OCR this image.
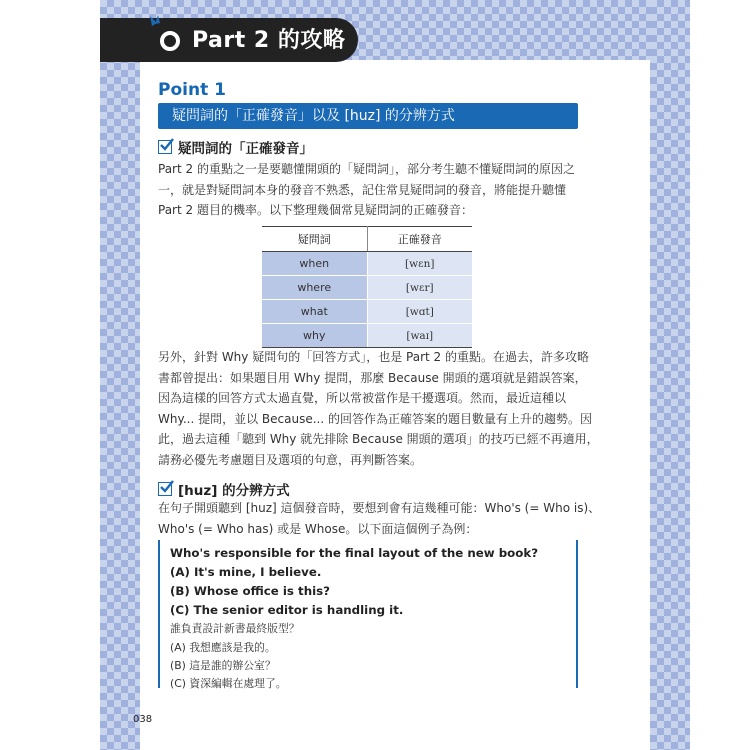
Part 2 的攻略
Point 1
疑問詞的「正確發音」以及 [huz] 的分辨方式
疑問詞的「正確發音」
Part 2 的重點之一是要聽懂開頭的「疑問詞」，部分考生聽不懂疑問詞的原因之
一，就是對疑問詞本身的發音不熟悉，記住常見疑問詞的發音，將能提升聽懂
Part 2 題目的機率。以下整理幾個常見疑問詞的正確發音：
疑問詞	正確發音
when	[wɛn]
where	[wɛr]
what	[wɑt]
why	[waɪ]
另外，針對 Why 疑問句的「回答方式」，也是 Part 2 的重點。在過去，許多攻略
書都曾提出：如果題目用 Why 提問，那麼 Because 開頭的選項就是錯誤答案，
因為這樣的回答方式太過直覺，所以常被當作是干擾選項。然而，最近這種以
Why... 提問，並以 Because... 的回答作為正確答案的題目數量有上升的趨勢。因
此，過去這種「聽到 Why 就先排除 Because 開頭的選項」的技巧已經不再適用，
請務必優先考慮題目及選項的句意，再判斷答案。
[huz] 的分辨方式
在句子開頭聽到 [huz] 這個發音時，要想到會有這幾種可能：Who's (= Who is)、
Who's (= Who has) 或是 Whose。以下面這個例子為例：
Who's responsible for the final layout of the new book?
(A) It's mine, I believe.
(B) Whose office is this?
(C) The senior editor is handling it.
誰負責設計新書最終版型？
(A) 我想應該是我的。
(B) 這是誰的辦公室？
(C) 資深編輯在處理了。
038
